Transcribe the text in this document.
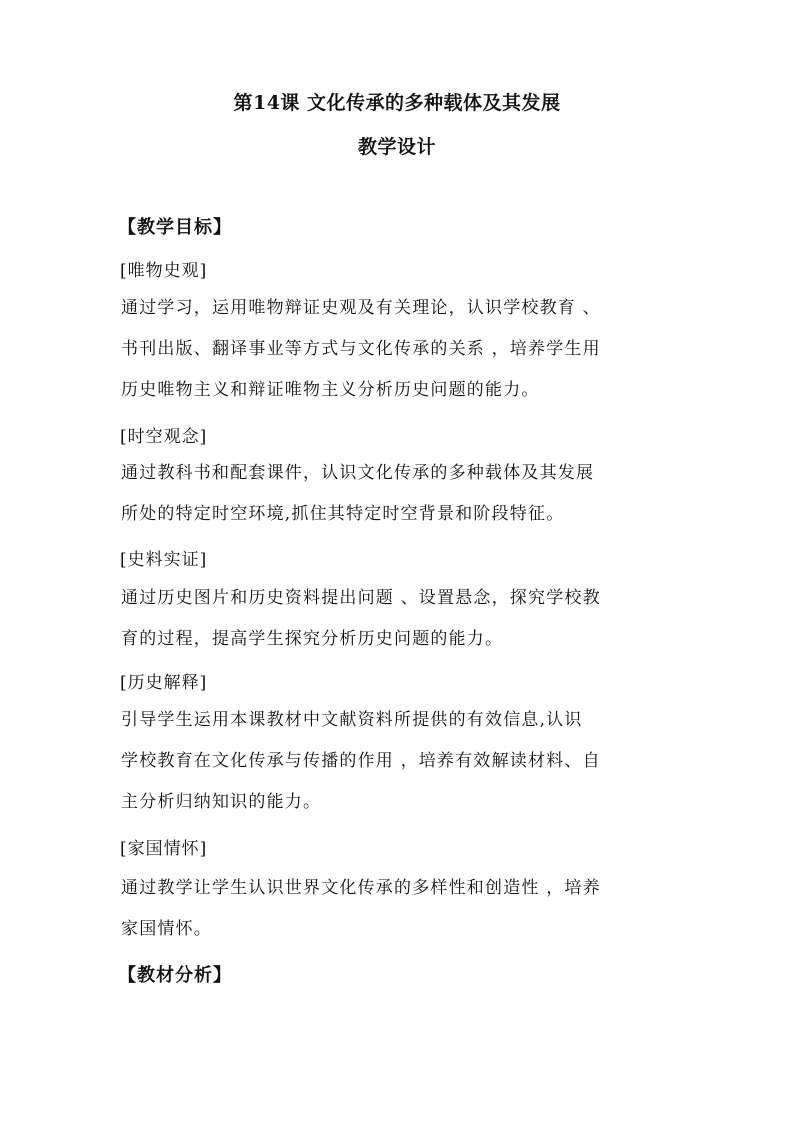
第14课 文化传承的多种载体及其发展
教学设计
【教学目标】
[唯物史观]
通过学习，运用唯物辩证史观及有关理论，认识学校教育 、
书刊出版、翻译事业等方式与文化传承的关系 ，培养学生用
历史唯物主义和辩证唯物主义分析历史问题的能力。
[时空观念]
通过教科书和配套课件，认识文化传承的多种载体及其发展
所处的特定时空环境,抓住其特定时空背景和阶段特征。
[史料实证]
通过历史图片和历史资料提出问题 、设置悬念，探究学校教
育的过程，提高学生探究分析历史问题的能力。
[历史解释]
引导学生运用本课教材中文献资料所提供的有效信息,认识
学校教育在文化传承与传播的作用 ，培养有效解读材料、自
主分析归纳知识的能力。
[家国情怀]
通过教学让学生认识世界文化传承的多样性和创造性 ，培养
家国情怀。
【教材分析】
